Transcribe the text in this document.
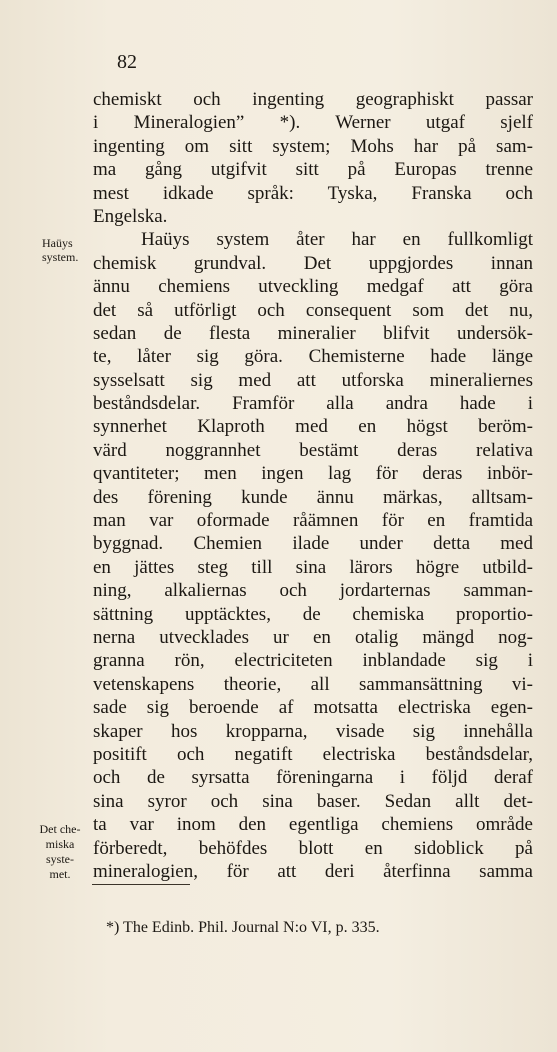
82
Haüys
system.
Det che-
miska
syste-
met.
chemiskt och ingenting geographiskt passar
i Mineralogien” *). Werner utgaf sjelf
ingenting om sitt system; Mohs har på sam-
ma gång utgifvit sitt på Europas trenne
mest idkade språk: Tyska, Franska och
Engelska.
Haüys system åter har en fullkomligt
chemisk grundval. Det uppgjordes innan
ännu chemiens utveckling medgaf att göra
det så utförligt och consequent som det nu,
sedan de flesta mineralier blifvit undersök-
te, låter sig göra. Chemisterne hade länge
sysselsatt sig med att utforska mineraliernes
beståndsdelar. Framför alla andra hade i
synnerhet Klaproth med en högst beröm-
värd noggrannhet bestämt deras relativa
qvantiteter; men ingen lag för deras inbör-
des förening kunde ännu märkas, alltsam-
man var oformade råämnen för en framtida
byggnad. Chemien ilade under detta med
en jättes steg till sina lärors högre utbild-
ning, alkaliernas och jordarternas samman-
sättning upptäcktes, de chemiska proportio-
nerna utvecklades ur en otalig mängd nog-
granna rön, electriciteten inblandade sig i
vetenskapens theorie, all sammansättning vi-
sade sig beroende af motsatta electriska egen-
skaper hos kropparna, visade sig innehålla
positift och negatift electriska beståndsdelar,
och de syrsatta föreningarna i följd deraf
sina syror och sina baser. Sedan allt det-
ta var inom den egentliga chemiens område
förberedt, behöfdes blott en sidoblick på
mineralogien, för att deri återfinna samma
*) The Edinb. Phil. Journal N:o VI, p. 335.
